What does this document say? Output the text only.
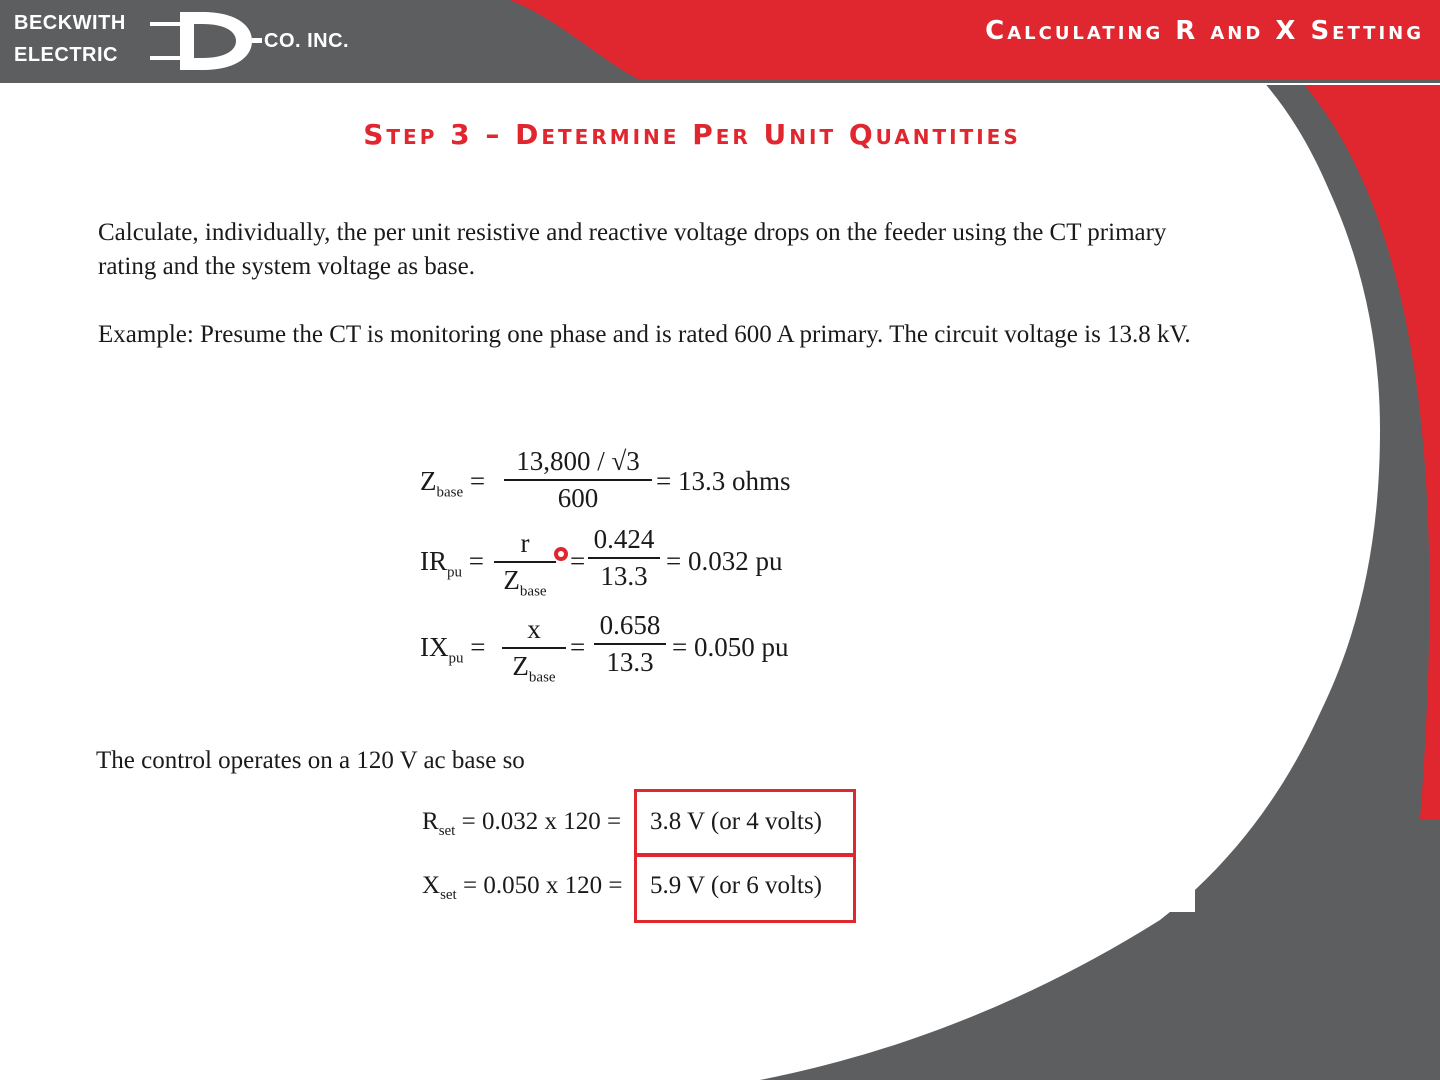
BECKWITH
ELECTRIC
CO. INC.	Calculating R and X Setting
Step 3 – Determine Per Unit Quantities
Calculate, individually, the per unit resistive and reactive voltage drops on the feeder using the CT primary rating and the system voltage as base.
Example: Presume the CT is monitoring one phase and is rated 600 A primary. The circuit voltage is 13.8 kV.
$Z_{base}$ =
13,800 / √3
600
= 13.3 ohms
$IR_{pu}$ =
r
$Z_{base}$
=
0.424
13.3 = 0.032 pu
$IX_{pu}$ =
x
$Z_{base}$
=
0.658
13.3 = 0.050 pu
The control operates on a 120 V ac base so
$R_{set} = 0.032$ x 120 = 3.8 V (or 4 volts)
$X_{set} = 0.050$ x 120 = 5.9 V (or 6 volts)
